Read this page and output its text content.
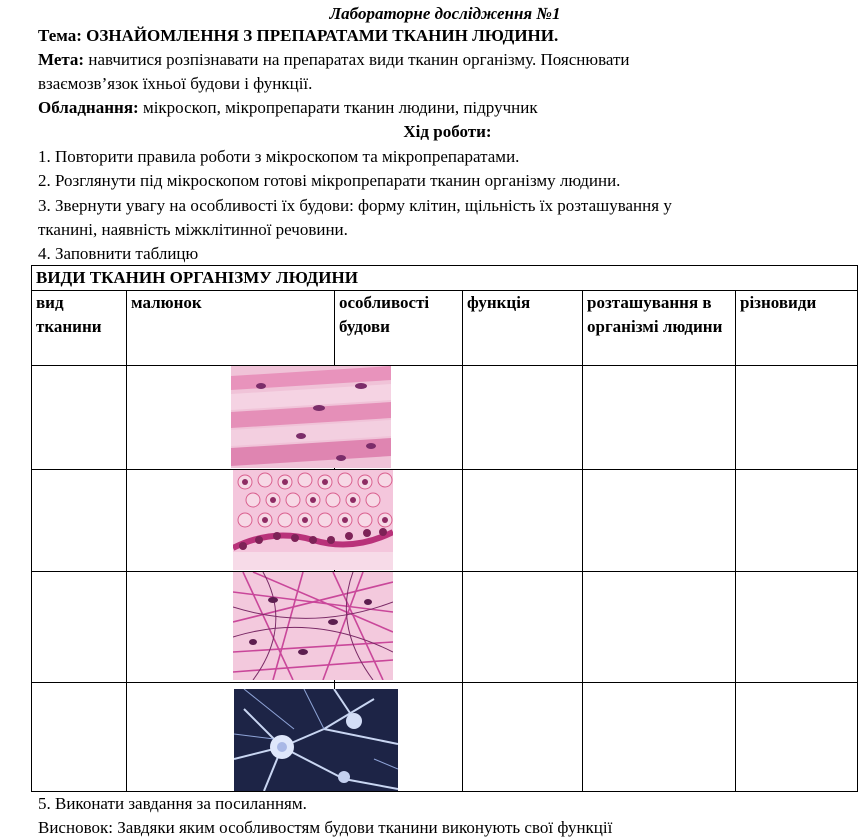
Лабораторне дослідження №1
Тема: ОЗНАЙОМЛЕННЯ З ПРЕПАРАТАМИ ТКАНИН ЛЮДИНИ.
Мета: навчитися розпізнавати на препаратах види тканин організму. Пояснювати
взаємозв’язок їхньої будови і функції.
Обладнання: мікроскоп, мікропрепарати тканин людини, підручник
Хід роботи:
1. Повторити правила роботи з мікроскопом та мікропрепаратами.
2. Розглянути під мікроскопом готові мікропрепарати тканин організму людини.
3. Звернути увагу на особливості їх будови: форму клітин, щільність їх розташування у
тканині, наявність міжклітинної речовини.
4. Заповнити таблицю
ВИДИ ТКАНИН ОРГАНІЗМУ ЛЮДИНИ					
вид тканини	малюнок	особливості будови	функція	розташування в організмі людини	різновиди

5. Виконати завдання за посиланням.
Висновок: Завдяки яким особливостям будови тканини виконують свої функції
